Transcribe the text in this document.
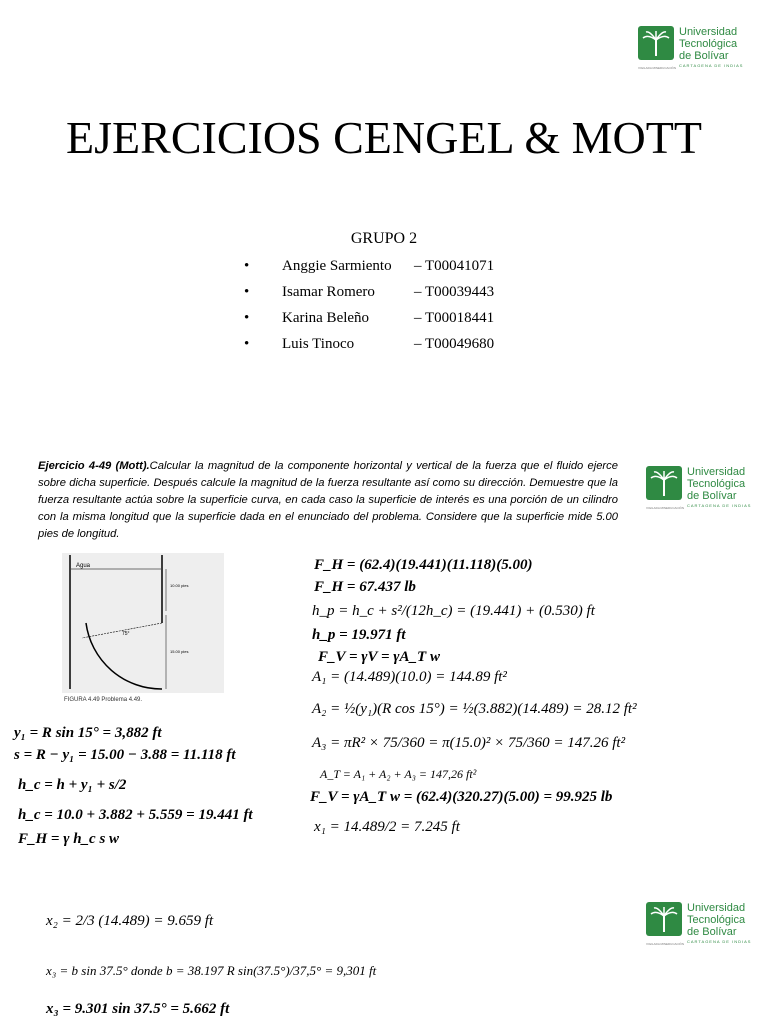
Universidad
Tecnológica
de Bolívar
CARTAGENA DE INDIAS
VIGILADA MINEDUCACIÓN
EJERCICIOS CENGEL & MOTT
GRUPO 2
• Anggie Sarmiento – T00041071
• Isamar Romero	– T00039443
• Karina Beleño	– T00018441
• Luis Tinoco	– T00049680
Universidad
Tecnológica
de Bolívar
CARTAGENA DE INDIAS
VIGILADA MINEDUCACIÓN
Ejercicio 4-49 (Mott).Calcular la magnitud de la componente horizontal y vertical de la fuerza que el fluido ejerce sobre dicha superficie. Después calcule la magnitud de la fuerza resultante así como su dirección. Demuestre que la fuerza resultante actúa sobre la superficie curva, en cada caso la superficie de interés es una porción de un cilindro con la misma longitud que la superficie dada en el enunciado del problema. Considere que la superficie mide 5.00 pies de longitud.
Agua
10.00 pies
15.00 pies
75°
FIGURA 4.49 Problema 4.49.
F_H = (62.4)(19.441)(11.118)(5.00)
F_H = 67.437 lb
h_p = h_c + s²/(12h_c) = (19.441) + (0.530) ft
h_p = 19.971 ft
F_V = γV = γA_T w
A₁ = (14.489)(10.0) = 144.89 ft²
A₂ = ½(y₁)(R cos 15°) = ½(3.882)(14.489) = 28.12 ft²
A₃ = πR² × 75/360 = π(15.0)² × 75/360 = 147.26 ft²
A_T = A₁ + A₂ + A₃ = 147,26 ft²
F_V = γA_T w = (62.4)(320.27)(5.00) = 99.925 lb
x₁ = 14.489/2 = 7.245 ft
y₁ = R sin 15° = 3,882 ft
s = R − y₁ = 15.00 − 3.88 = 11.118 ft
h_c = h + y₁ + s/2
h_c = 10.0 + 3.882 + 5.559 = 19.441 ft
F_H = γ h_c s w
Universidad
Tecnológica
de Bolívar
CARTAGENA DE INDIAS
VIGILADA MINEDUCACIÓN
x₂ = 2/3 (14.489) = 9.659 ft
x₃ = b sin 37.5° donde b = 38.197 R sin(37.5°)/37,5° = 9,301 ft
x₃ = 9.301 sin 37.5° = 5.662 ft
